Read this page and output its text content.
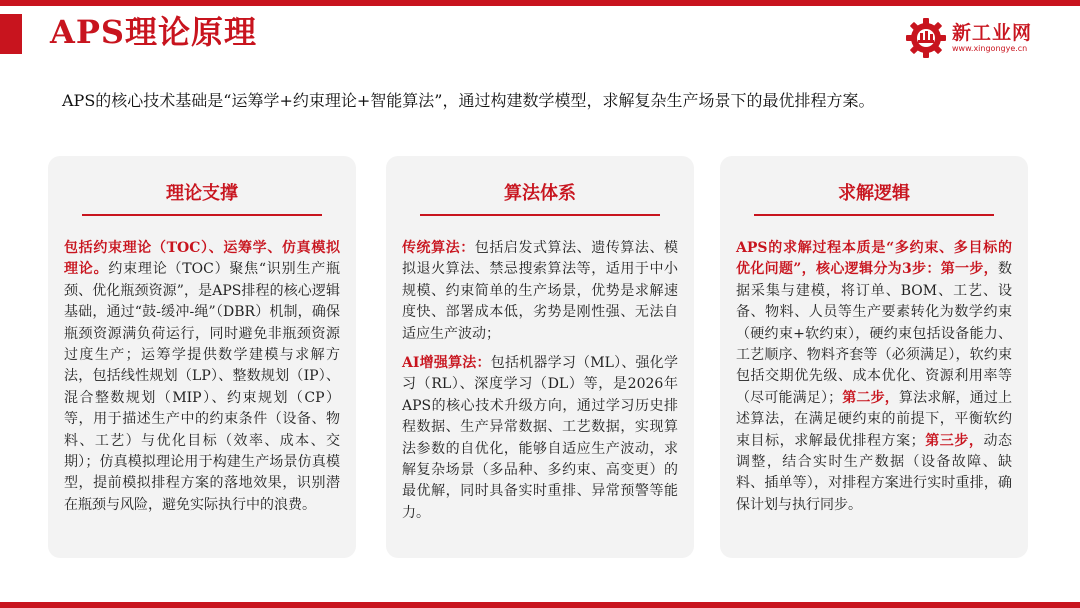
APS理论原理	新工业网
www.xingongye.cn
APS的核心技术基础是“运筹学+约束理论+智能算法”，通过构建数学模型，求解复杂生产场景下的最优排程方案。
理论支撑
包括约束理论（TOC）、运筹学、仿真模拟理论。约束理论（TOC）聚焦“识别生产瓶颈、优化瓶颈资源”，是APS排程的核心逻辑基础，通过“鼓-缓冲-绳”（DBR）机制，确保瓶颈资源满负荷运行，同时避免非瓶颈资源过度生产；运筹学提供数学建模与求解方法，包括线性规划（LP）、整数规划（IP）、混合整数规划（MIP）、约束规划（CP）等，用于描述生产中的约束条件（设备、物料、工艺）与优化目标（效率、成本、交期）；仿真模拟理论用于构建生产场景仿真模型，提前模拟排程方案的落地效果，识别潜在瓶颈与风险，避免实际执行中的浪费。
算法体系
传统算法：包括启发式算法、遗传算法、模拟退火算法、禁忌搜索算法等，适用于中小规模、约束简单的生产场景，优势是求解速度快、部署成本低，劣势是刚性强、无法自适应生产波动；
AI增强算法：包括机器学习（ML）、强化学习（RL）、深度学习（DL）等，是2026年APS的核心技术升级方向，通过学习历史排程数据、生产异常数据、工艺数据，实现算法参数的自优化，能够自适应生产波动，求解复杂场景（多品种、多约束、高变更）的最优解，同时具备实时重排、异常预警等能力。
求解逻辑
APS的求解过程本质是“多约束、多目标的优化问题”，核心逻辑分为3步：第一步，数据采集与建模，将订单、BOM、工艺、设备、物料、人员等生产要素转化为数学约束（硬约束+软约束），硬约束包括设备能力、工艺顺序、物料齐套等（必须满足），软约束包括交期优先级、成本优化、资源利用率等（尽可能满足）；第二步，算法求解，通过上述算法，在满足硬约束的前提下，平衡软约束目标，求解最优排程方案；第三步，动态调整，结合实时生产数据（设备故障、缺料、插单等），对排程方案进行实时重排，确保计划与执行同步。
